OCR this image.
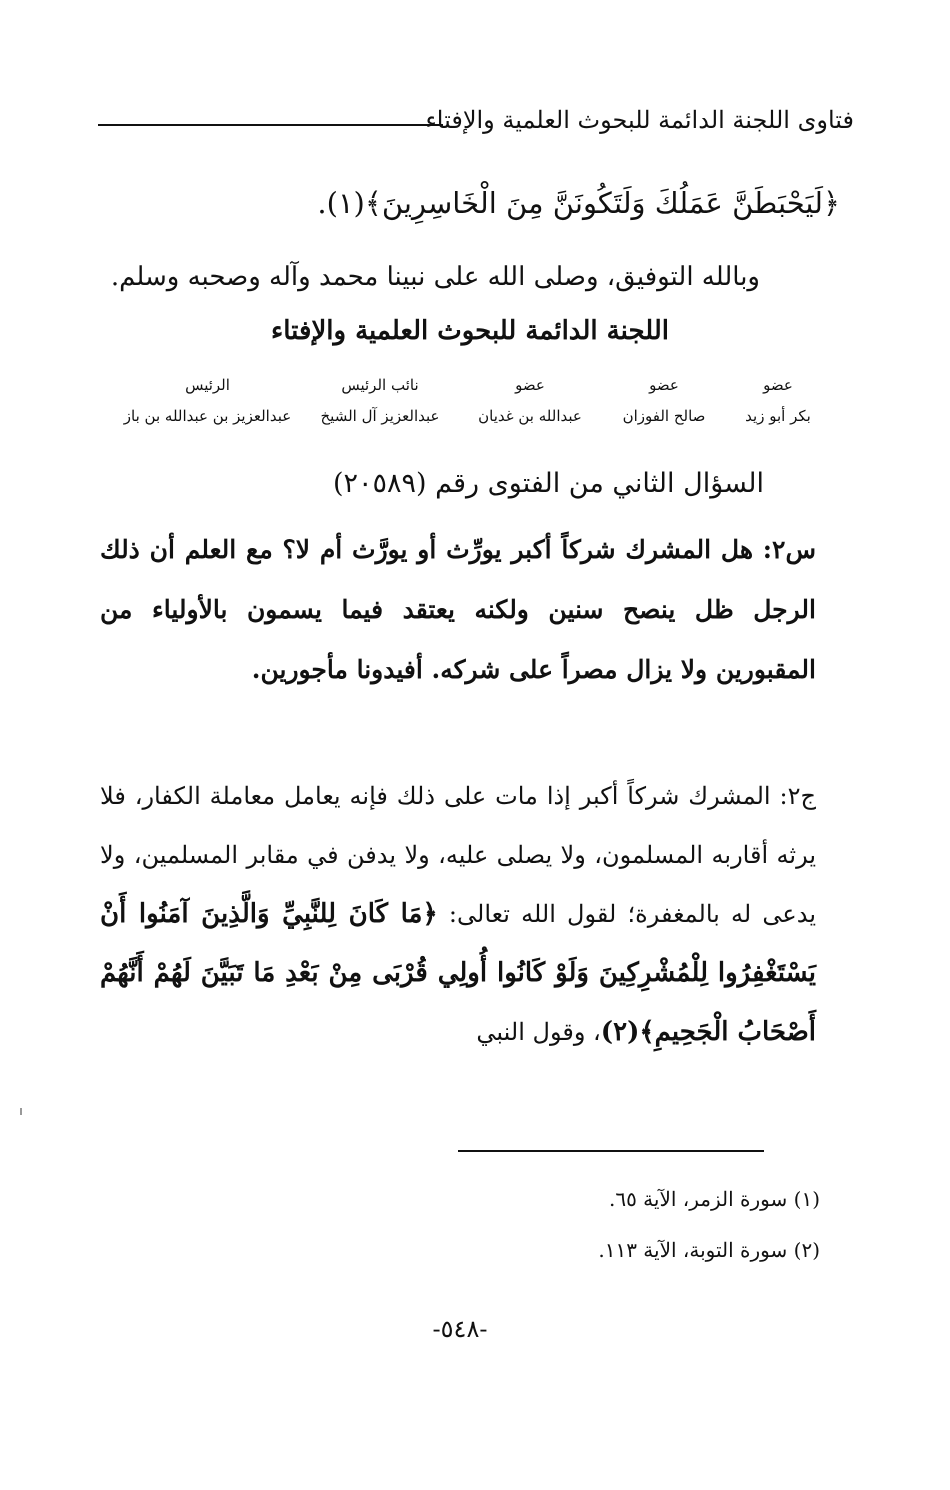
فتاوى اللجنة الدائمة للبحوث العلمية والإفتاء
﴿لَيَحْبَطَنَّ عَمَلُكَ وَلَتَكُونَنَّ مِنَ الْخَاسِرِينَ﴾(١).
وبالله التوفيق، وصلى الله على نبينا محمد وآله وصحبه وسلم.
اللجنة الدائمة للبحوث العلمية والإفتاء
عضو
بكر أبو زيد
عضو
صالح الفوزان
عضو
عبدالله بن غديان
نائب الرئيس
عبدالعزيز آل الشيخ
الرئيس
عبدالعزيز بن عبدالله بن باز
السؤال الثاني من الفتوى رقم (٢٠٥٨٩)
س٢: هل المشرك شركاً أكبر يورِّث أو يورَّث أم لا؟ مع العلم أن ذلك الرجل ظل ينصح سنين ولكنه يعتقد فيما يسمون بالأولياء من المقبورين ولا يزال مصراً على شركه. أفيدونا مأجورين.
ج٢: المشرك شركاً أكبر إذا مات على ذلك فإنه يعامل معاملة الكفار، فلا يرثه أقاربه المسلمون، ولا يصلى عليه، ولا يدفن في مقابر المسلمين، ولا يدعى له بالمغفرة؛ لقول الله تعالى: ﴿مَا كَانَ لِلنَّبِيِّ وَالَّذِينَ آمَنُوا أَنْ يَسْتَغْفِرُوا لِلْمُشْرِكِينَ وَلَوْ كَانُوا أُولِي قُرْبَى مِنْ بَعْدِ مَا تَبَيَّنَ لَهُمْ أَنَّهُمْ أَصْحَابُ الْجَحِيمِ﴾(٢)، وقول النبي
(١) سورة الزمر، الآية ٦٥.
(٢) سورة التوبة، الآية ١١٣.
-٥٤٨-
